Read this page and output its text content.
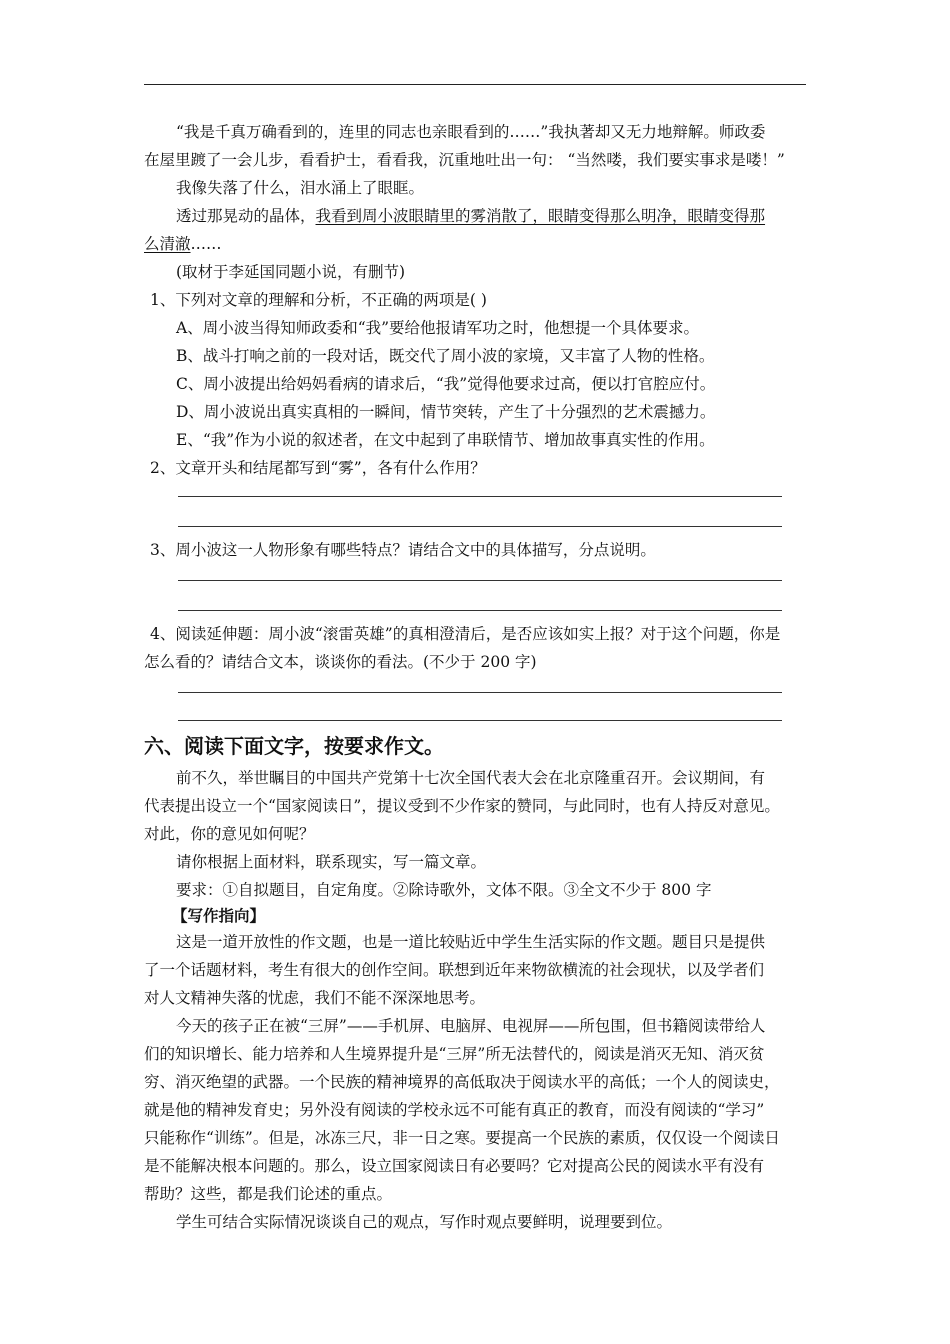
“我是千真万确看到的，连里的同志也亲眼看到的……”我执著却又无力地辩解。师政委

在屋里踱了一会儿步，看看护士，看看我，沉重地吐出一句： “当然喽，我们要实事求是喽！”

我像失落了什么，泪水涌上了眼眶。

透过那晃动的晶体，我看到周小波眼睛里的雾消散了，眼睛变得那么明净，眼睛变得那

么清澈……

(取材于李延国同题小说，有删节)

1、下列对文章的理解和分析，不正确的两项是( )

A、周小波当得知师政委和“我”要给他报请军功之时，他想提一个具体要求。

B、战斗打响之前的一段对话，既交代了周小波的家境，又丰富了人物的性格。

C、周小波提出给妈妈看病的请求后，“我”觉得他要求过高，便以打官腔应付。

D、周小波说出真实真相的一瞬间，情节突转，产生了十分强烈的艺术震撼力。

E、“我”作为小说的叙述者，在文中起到了串联情节、增加故事真实性的作用。

2、文章开头和结尾都写到“雾”，各有什么作用？

3、周小波这一人物形象有哪些特点？请结合文中的具体描写，分点说明。

4、阅读延伸题：周小波“滚雷英雄”的真相澄清后，是否应该如实上报？对于这个问题，你是

怎么看的？请结合文本，谈谈你的看法。(不少于 200 字)

六、阅读下面文字，按要求作文。

前不久，举世瞩目的中国共产党第十七次全国代表大会在北京隆重召开。会议期间，有

代表提出设立一个“国家阅读日”，提议受到不少作家的赞同，与此同时，也有人持反对意见。

对此，你的意见如何呢？

请你根据上面材料，联系现实，写一篇文章。

要求：①自拟题目，自定角度。②除诗歌外，文体不限。③全文不少于 800 字

【写作指向】

这是一道开放性的作文题，也是一道比较贴近中学生生活实际的作文题。题目只是提供

了一个话题材料，考生有很大的创作空间。联想到近年来物欲横流的社会现状，以及学者们

对人文精神失落的忧虑，我们不能不深深地思考。

今天的孩子正在被“三屏”——手机屏、电脑屏、电视屏——所包围，但书籍阅读带给人

们的知识增长、能力培养和人生境界提升是“三屏”所无法替代的，阅读是消灭无知、消灭贫

穷、消灭绝望的武器。一个民族的精神境界的高低取决于阅读水平的高低；一个人的阅读史，

就是他的精神发育史；另外没有阅读的学校永远不可能有真正的教育，而没有阅读的“学习”

只能称作“训练”。但是，冰冻三尺，非一日之寒。要提高一个民族的素质，仅仅设一个阅读日

是不能解决根本问题的。那么，设立国家阅读日有必要吗？它对提高公民的阅读水平有没有

帮助？这些，都是我们论述的重点。

学生可结合实际情况谈谈自己的观点，写作时观点要鲜明，说理要到位。
